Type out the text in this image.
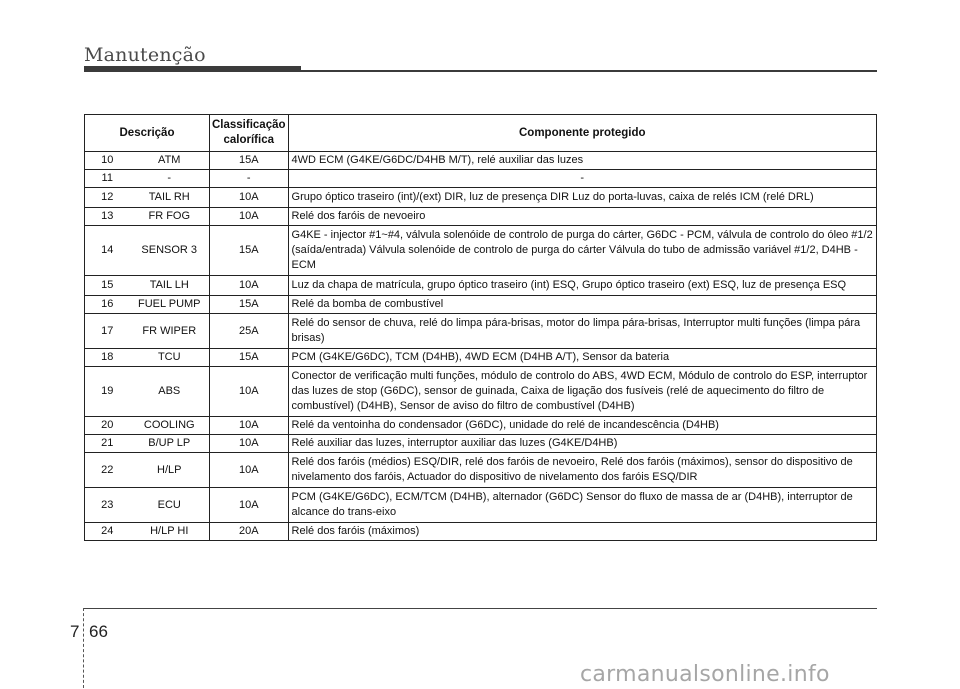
Manutenção
Descrição		Classificação calorífica	Componente protegido
10	ATM	15A	4WD ECM (G4KE/G6DC/D4HB M/T), relé auxiliar das luzes
11	-	-	-
12	TAIL RH	10A	Grupo óptico traseiro (int)/(ext) DIR, luz de presença DIR Luz do porta-luvas, caixa de relés ICM (relé DRL)
13	FR FOG	10A	Relé dos faróis de nevoeiro
14	SENSOR 3	15A	G4KE - injector #1~#4, válvula solenóide de controlo de purga do cárter, G6DC - PCM, válvula de controlo do óleo #1/2 (saída/entrada) Válvula solenóide de controlo de purga do cárter Válvula do tubo de admissão variável #1/2, D4HB - ECM
15	TAIL LH	10A	Luz da chapa de matrícula, grupo óptico traseiro (int) ESQ, Grupo óptico traseiro (ext) ESQ, luz de presença ESQ
16	FUEL PUMP	15A	Relé da bomba de combustível
17	FR WIPER	25A	Relé do sensor de chuva, relé do limpa pára-brisas, motor do limpa pára-brisas, Interruptor multi funções (limpa pára brisas)
18	TCU	15A	PCM (G4KE/G6DC), TCM (D4HB), 4WD ECM (D4HB A/T), Sensor da bateria
19	ABS	10A	Conector de verificação multi funções, módulo de controlo do ABS, 4WD ECM, Módulo de controlo do ESP, interruptor das luzes de stop (G6DC), sensor de guinada, Caixa de ligação dos fusíveis (relé de aquecimento do filtro de combustível) (D4HB), Sensor de aviso do filtro de combustível (D4HB)
20	COOLING	10A	Relé da ventoinha do condensador (G6DC), unidade do relé de incandescência (D4HB)
21	B/UP LP	10A	Relé auxiliar das luzes, interruptor auxiliar das luzes (G4KE/D4HB)
22	H/LP	10A	Relé dos faróis (médios) ESQ/DIR, relé dos faróis de nevoeiro, Relé dos faróis (máximos), sensor do dispositivo de nivelamento dos faróis, Actuador do dispositivo de nivelamento dos faróis ESQ/DIR
23	ECU	10A	PCM (G4KE/G6DC), ECM/TCM (D4HB), alternador (G6DC) Sensor do fluxo de massa de ar (D4HB), interruptor de alcance do trans-eixo
24	H/LP HI	20A	Relé dos faróis (máximos)
7 66
carmanualsonline.info
